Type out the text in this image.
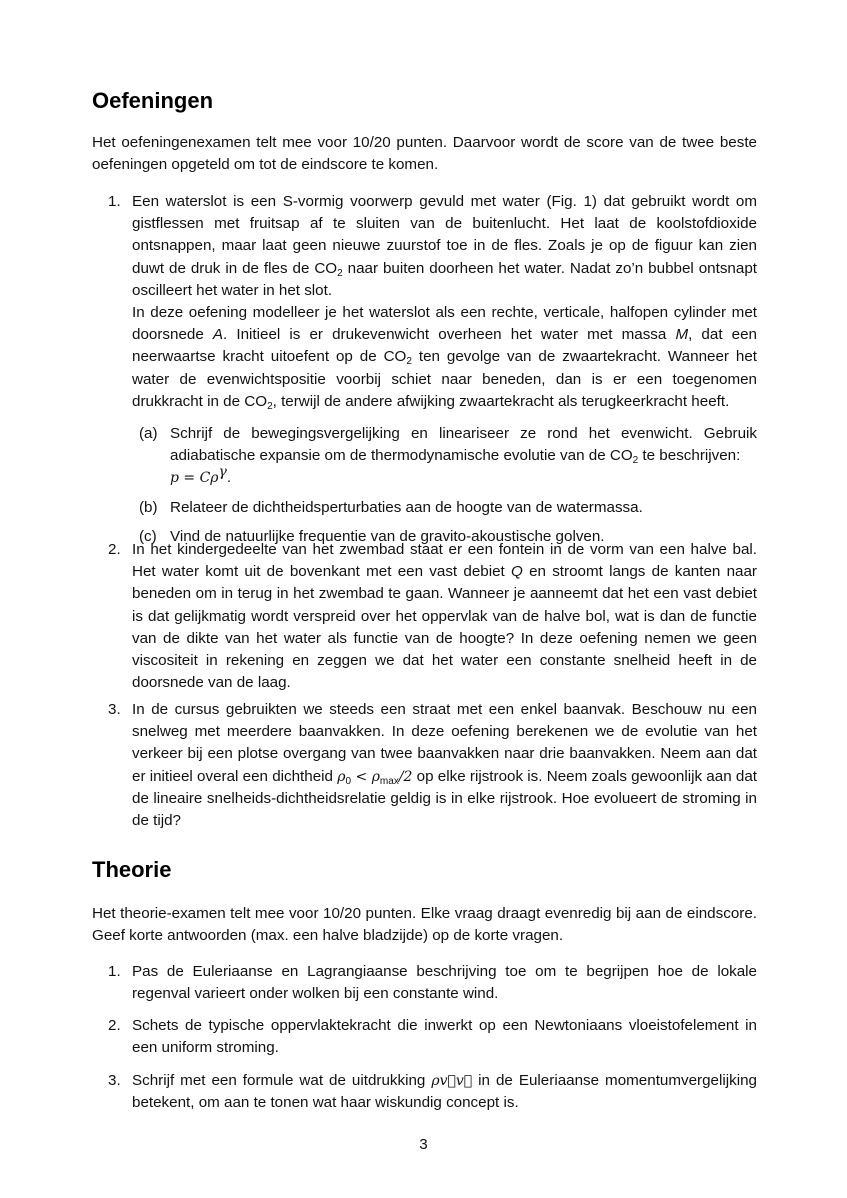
Oefeningen

Het oefeningenexamen telt mee voor 10/20 punten. Daarvoor wordt de score van de twee beste oefeningen opgeteld om tot de eindscore te komen.

1. Een waterslot is een S-vormig voorwerp gevuld met water (Fig. 1) dat gebruikt wordt om gistflessen met fruitsap af te sluiten van de buitenlucht. Het laat de koolstofdioxide ontsnappen, maar laat geen nieuwe zuurstof toe in de fles. Zoals je op de figuur kan zien duwt de druk in de fles de $CO_2$ naar buiten doorheen het water. Nadat zo’n bubbel ontsnapt oscilleert het water in het slot.
In deze oefening modelleer je het waterslot als een rechte, verticale, halfopen cylinder met doorsnede A. Initieel is er drukevenwicht overheen het water met massa M, dat een neerwaartse kracht uitoefent op de $CO_2$ ten gevolge van de zwaartekracht. Wanneer het water de evenwichtspositie voorbij schiet naar beneden, dan is er een toegenomen drukkracht in de $CO_2$, terwijl de andere afwijking zwaartekracht als terugkeerkracht heeft.
(a) Schrijf de bewegingsvergelijking en lineariseer ze rond het evenwicht. Gebruik adiabatische expansie om de thermodynamische evolutie van de $CO_2$ te beschrijven:
$p = C\rho^\gamma$.
(b) Relateer de dichtheidsperturbaties aan de hoogte van de watermassa.
(c) Vind de natuurlijke frequentie van de gravito-akoustische golven.
2. In het kindergedeelte van het zwembad staat er een fontein in de vorm van een halve bal. Het water komt uit de bovenkant met een vast debiet Q en stroomt langs de kanten naar beneden om in terug in het zwembad te gaan. Wanneer je aanneemt dat het een vast debiet is dat gelijkmatig wordt verspreid over het oppervlak van de halve bol, wat is dan de functie van de dikte van het water als functie van de hoogte? In deze oefening nemen we geen viscositeit in rekening en zeggen we dat het water een constante snelheid heeft in de doorsnede van de laag.
3. In de cursus gebruikten we steeds een straat met een enkel baanvak. Beschouw nu een snelweg met meerdere baanvakken. In deze oefening berekenen we de evolutie van het verkeer bij een plotse overgang van twee baanvakken naar drie baanvakken. Neem aan dat er initieel overal een dichtheid $\rho_0 < \rho_{max}/2$ op elke rijstrook is. Neem zoals gewoonlijk aan dat de lineaire snelheids-dichtheidsrelatie geldig is in elke rijstrook. Hoe evolueert de stroming in de tijd?
Theorie

Het theorie-examen telt mee voor 10/20 punten. Elke vraag draagt evenredig bij aan de eindscore. Geef korte antwoorden (max. een halve bladzijde) op de korte vragen.

1. Pas de Euleriaanse en Lagrangiaanse beschrijving toe om te begrijpen hoe de lokale regenval varieert onder wolken bij een constante wind.
2. Schets de typische oppervlaktekracht die inwerkt op een Newtoniaans vloeistofelement in een uniform stroming.
3. Schrijf met een formule wat de uitdrukking ρv⃗v⃗ in de Euleriaanse momentumvergelijking betekent, om aan te tonen wat haar wiskundig concept is.
3
